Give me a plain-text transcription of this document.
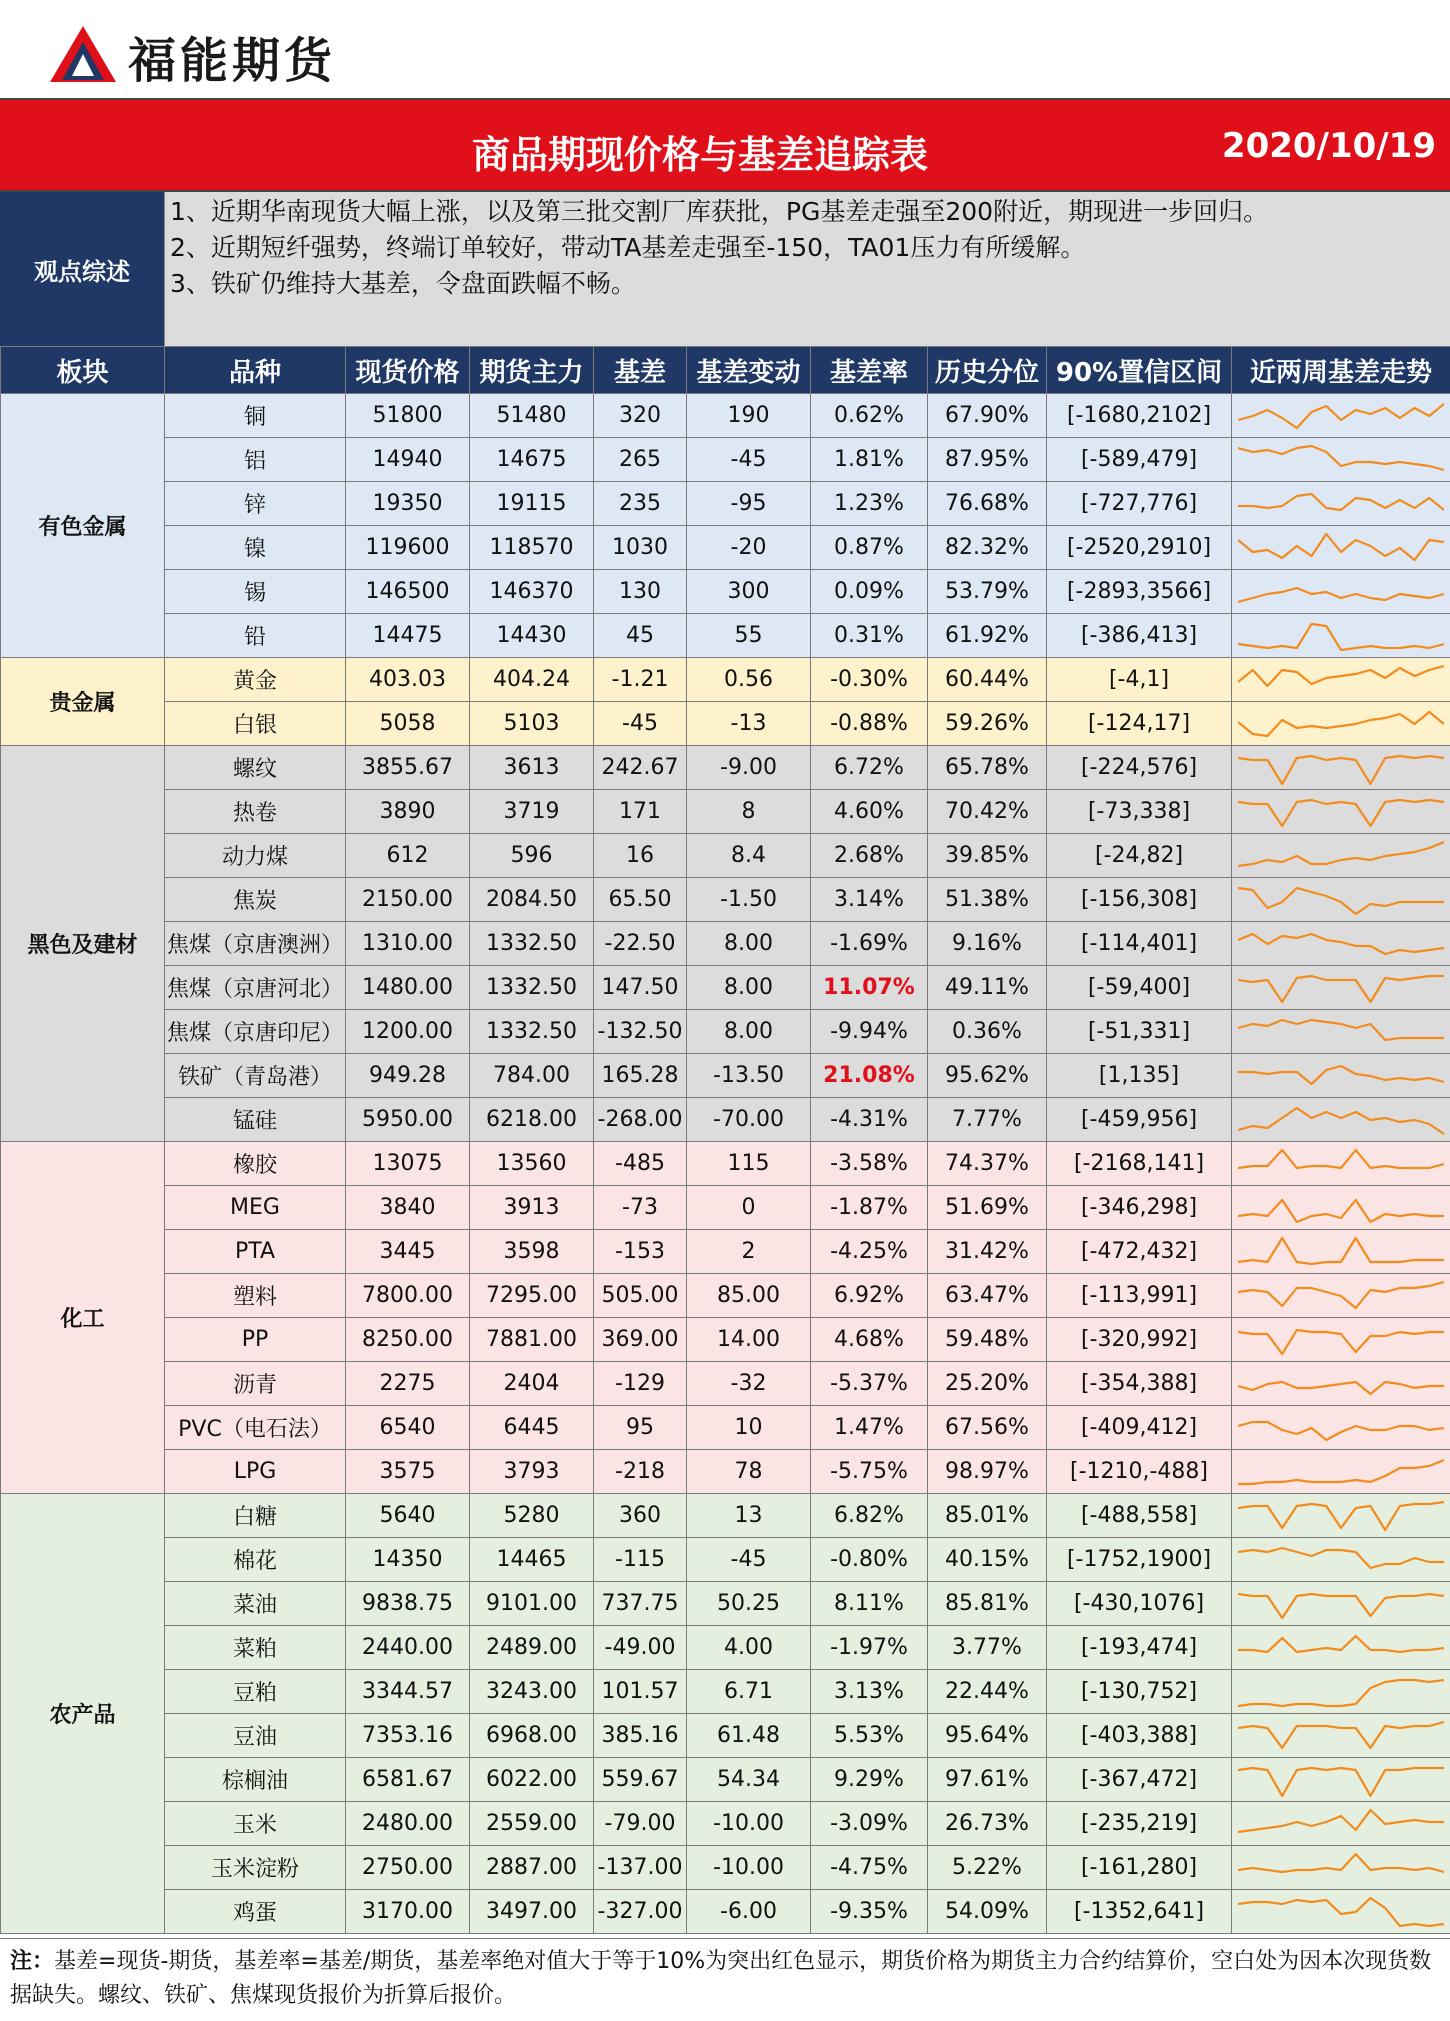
福能期货
商品期现价格与基差追踪表	2020/10/19
观点综述
1、近期华南现货大幅上涨，以及第三批交割厂库获批，PG基差走强至200附近，期现进一步回归。
2、近期短纤强势，终端订单较好，带动TA基差走强至-150，TA01压力有所缓解。
3、铁矿仍维持大基差，令盘面跌幅不畅。
板块	品种	现货价格	期货主力	基差	基差变动	基差率	历史分位	90%置信区间	近两周基差走势
有色金属	铜	51800	51480	320	190	0.62%	67.90%	[-1680,2102]	

	铝	14940	14675	265	-45	1.81%	87.95%	[-589,479]	

	锌	19350	19115	235	-95	1.23%	76.68%	[-727,776]	

	镍	119600	118570	1030	-20	0.87%	82.32%	[-2520,2910]	

	锡	146500	146370	130	300	0.09%	53.79%	[-2893,3566]	

	铅	14475	14430	45	55	0.31%	61.92%	[-386,413]	

贵金属	黄金	403.03	404.24	-1.21	0.56	-0.30%	60.44%	[-4,1]	

	白银	5058	5103	-45	-13	-0.88%	59.26%	[-124,17]	

黑色及建材	螺纹	3855.67	3613	242.67	-9.00	6.72%	65.78%	[-224,576]	

	热卷	3890	3719	171	8	4.60%	70.42%	[-73,338]	

	动力煤	612	596	16	8.4	2.68%	39.85%	[-24,82]	

	焦炭	2150.00	2084.50	65.50	-1.50	3.14%	51.38%	[-156,308]	

	焦煤（京唐澳洲）	1310.00	1332.50	-22.50	8.00	-1.69%	9.16%	[-114,401]	

	焦煤（京唐河北）	1480.00	1332.50	147.50	8.00	11.07%	49.11%	[-59,400]	

	焦煤（京唐印尼）	1200.00	1332.50	-132.50	8.00	-9.94%	0.36%	[-51,331]	

	铁矿（青岛港）	949.28	784.00	165.28	-13.50	21.08%	95.62%	[1,135]	

	锰硅	5950.00	6218.00	-268.00	-70.00	-4.31%	7.77%	[-459,956]	

化工	橡胶	13075	13560	-485	115	-3.58%	74.37%	[-2168,141]	

	MEG	3840	3913	-73	0	-1.87%	51.69%	[-346,298]	

	PTA	3445	3598	-153	2	-4.25%	31.42%	[-472,432]	

	塑料	7800.00	7295.00	505.00	85.00	6.92%	63.47%	[-113,991]	

	PP	8250.00	7881.00	369.00	14.00	4.68%	59.48%	[-320,992]	

	沥青	2275	2404	-129	-32	-5.37%	25.20%	[-354,388]	

	PVC（电石法）	6540	6445	95	10	1.47%	67.56%	[-409,412]	

	LPG	3575	3793	-218	78	-5.75%	98.97%	[-1210,-488]	

农产品	白糖	5640	5280	360	13	6.82%	85.01%	[-488,558]	

	棉花	14350	14465	-115	-45	-0.80%	40.15%	[-1752,1900]	

	菜油	9838.75	9101.00	737.75	50.25	8.11%	85.81%	[-430,1076]	

	菜粕	2440.00	2489.00	-49.00	4.00	-1.97%	3.77%	[-193,474]	

	豆粕	3344.57	3243.00	101.57	6.71	3.13%	22.44%	[-130,752]	

	豆油	7353.16	6968.00	385.16	61.48	5.53%	95.64%	[-403,388]	

	棕榈油	6581.67	6022.00	559.67	54.34	9.29%	97.61%	[-367,472]	

	玉米	2480.00	2559.00	-79.00	-10.00	-3.09%	26.73%	[-235,219]	

	玉米淀粉	2750.00	2887.00	-137.00	-10.00	-4.75%	5.22%	[-161,280]	

	鸡蛋	3170.00	3497.00	-327.00	-6.00	-9.35%	54.09%	[-1352,641]	
注：基差=现货-期货，基差率=基差/期货，基差率绝对值大于等于10%为突出红色显示，期货价格为期货主力合约结算价，空白处为因本次现货数据缺失。螺纹、铁矿、焦煤现货报价为折算后报价。
